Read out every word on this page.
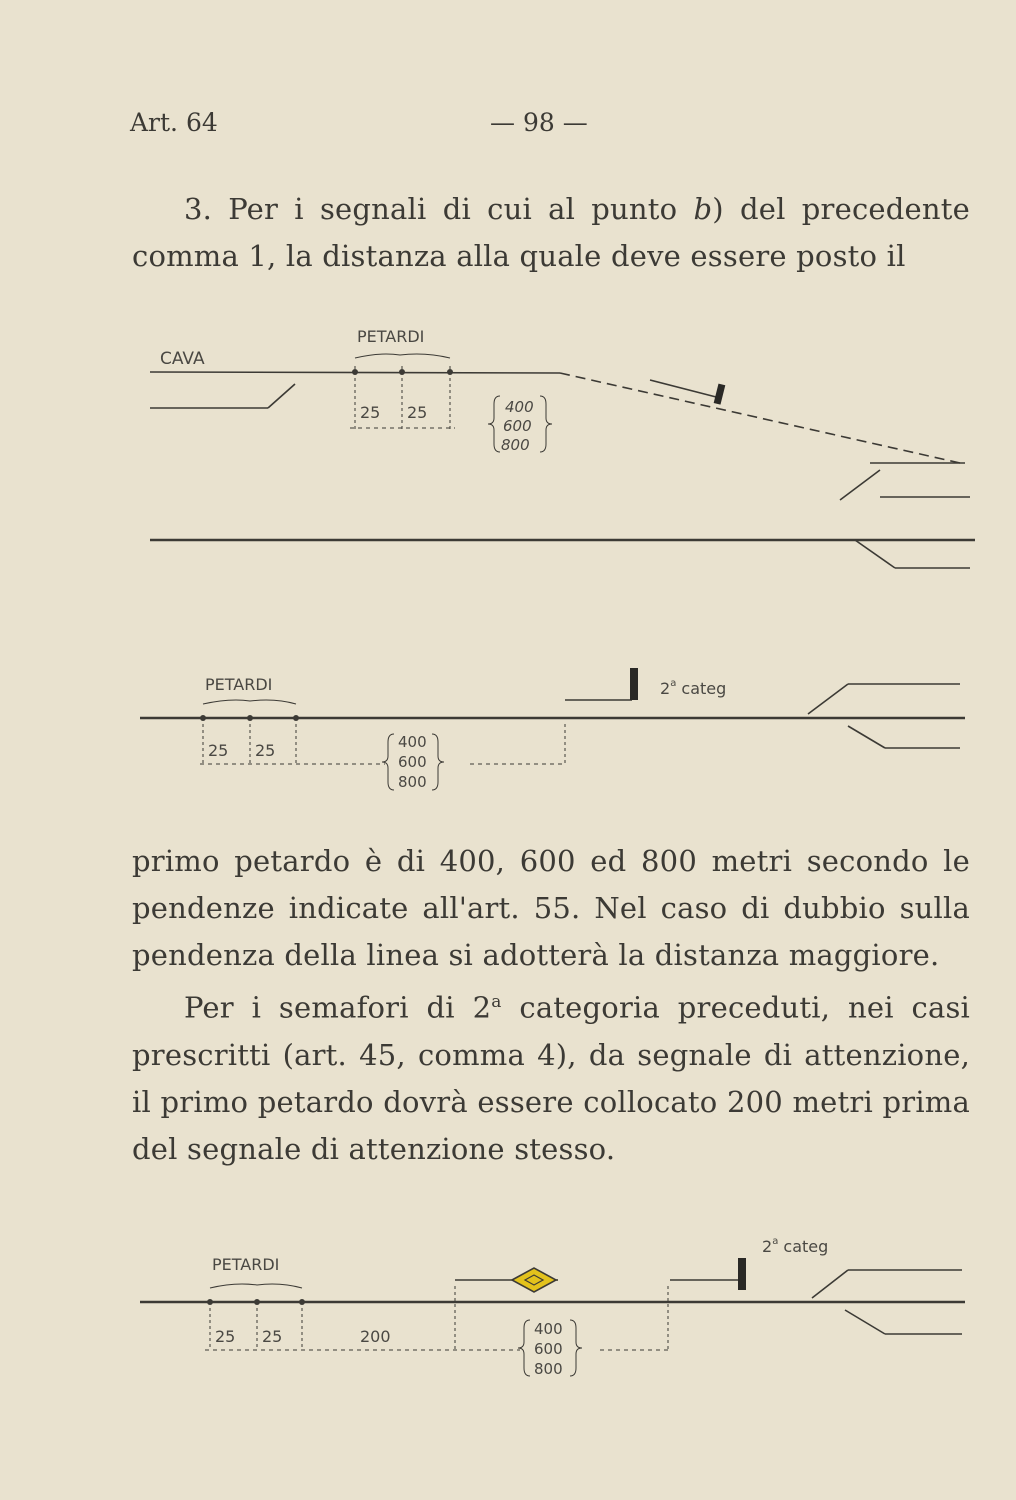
Art. 64	— 98 —

3. Per i segnali di cui al punto b) del precedente comma 1, la distanza alla quale deve essere posto il

CAVA
PETARDI
25 25	400
600
800
PETARDI
25 25	400
600
800
2$^a$ categ

primo petardo è di 400, 600 ed 800 metri secondo le pendenze indicate all'art. 55. Nel caso di dubbio sulla pendenza della linea si adotterà la distanza maggiore.

Per i semafori di 2$^a$ categoria preceduti, nei casi prescritti (art. 45, comma 4), da segnale di attenzione, il primo petardo dovrà essere collocato 200 metri prima del segnale di attenzione stesso.

PETARDI
25 25	200	400
600
800
2$^a$ categ
